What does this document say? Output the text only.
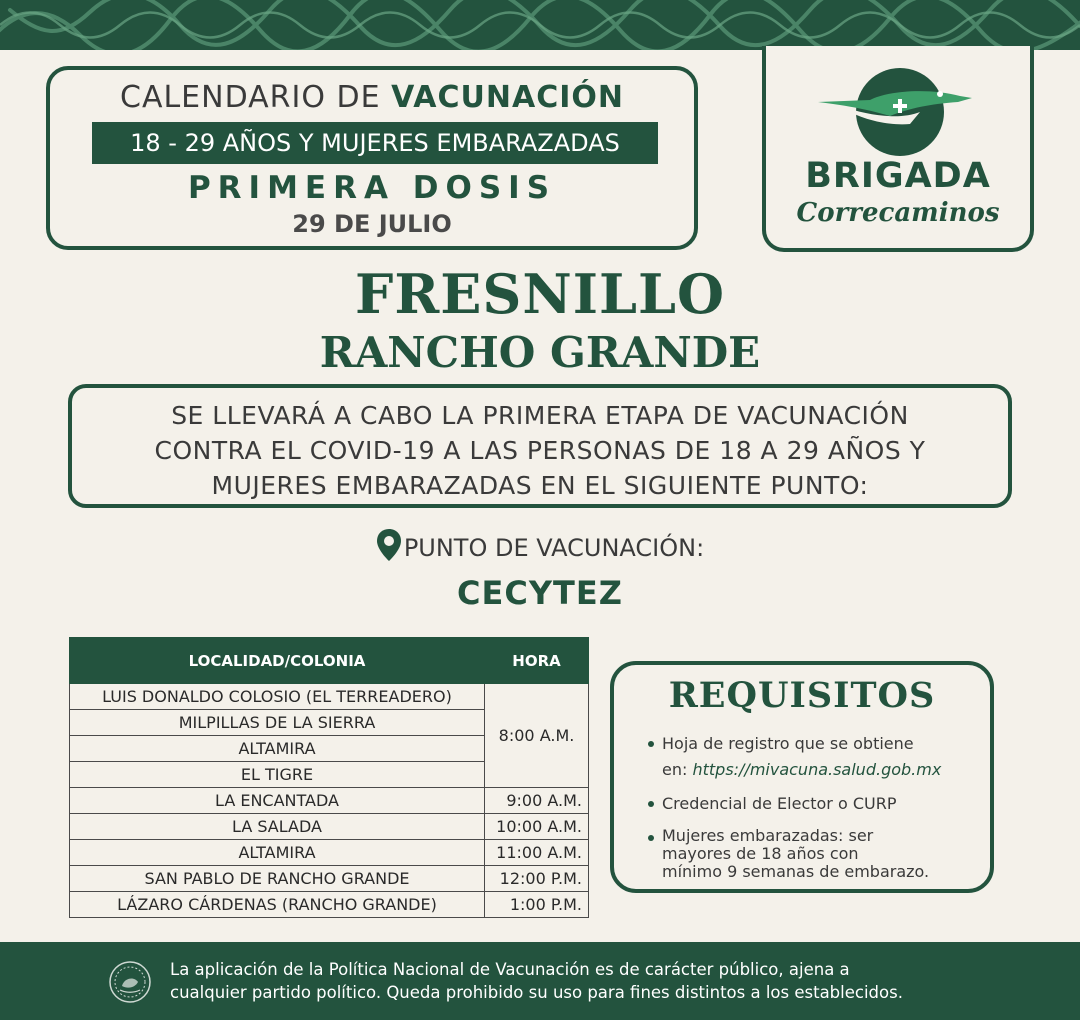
CALENDARIO DE VACUNACIÓN
18 - 29 AÑOS Y MUJERES EMBARAZADAS
PRIMERA DOSIS
29 DE JULIO
BRIGADA
Correcaminos
FRESNILLO
RANCHO GRANDE

SE LLEVARÁ A CABO LA PRIMERA ETAPA DE VACUNACIÓN

CONTRA EL COVID-19 A LAS PERSONAS DE 18 A 29 AÑOS Y

MUJERES EMBARAZADAS EN EL SIGUIENTE PUNTO:

PUNTO DE VACUNACIÓN:
CECYTEZ
LOCALIDAD/COLONIA	HORA
LUIS DONALDO COLOSIO (EL TERREADERO)	8:00 A.M.
MILPILLAS DE LA SIERRA	
ALTAMIRA	
EL TIGRE	
LA ENCANTADA	9:00 A.M.
LA SALADA	10:00 A.M.
ALTAMIRA	11:00 A.M.
SAN PABLO DE RANCHO GRANDE	12:00 P.M.
LÁZARO CÁRDENAS (RANCHO GRANDE)	1:00 P.M.
REQUISITOS
Hoja de registro que se obtiene
en: https://mivacuna.salud.gob.mx
Credencial de Elector o CURP
Mujeres embarazadas: ser
mayores de 18 años con
mínimo 9 semanas de embarazo.
La aplicación de la Política Nacional de Vacunación es de carácter público, ajena a
cualquier partido político. Queda prohibido su uso para fines distintos a los establecidos.
